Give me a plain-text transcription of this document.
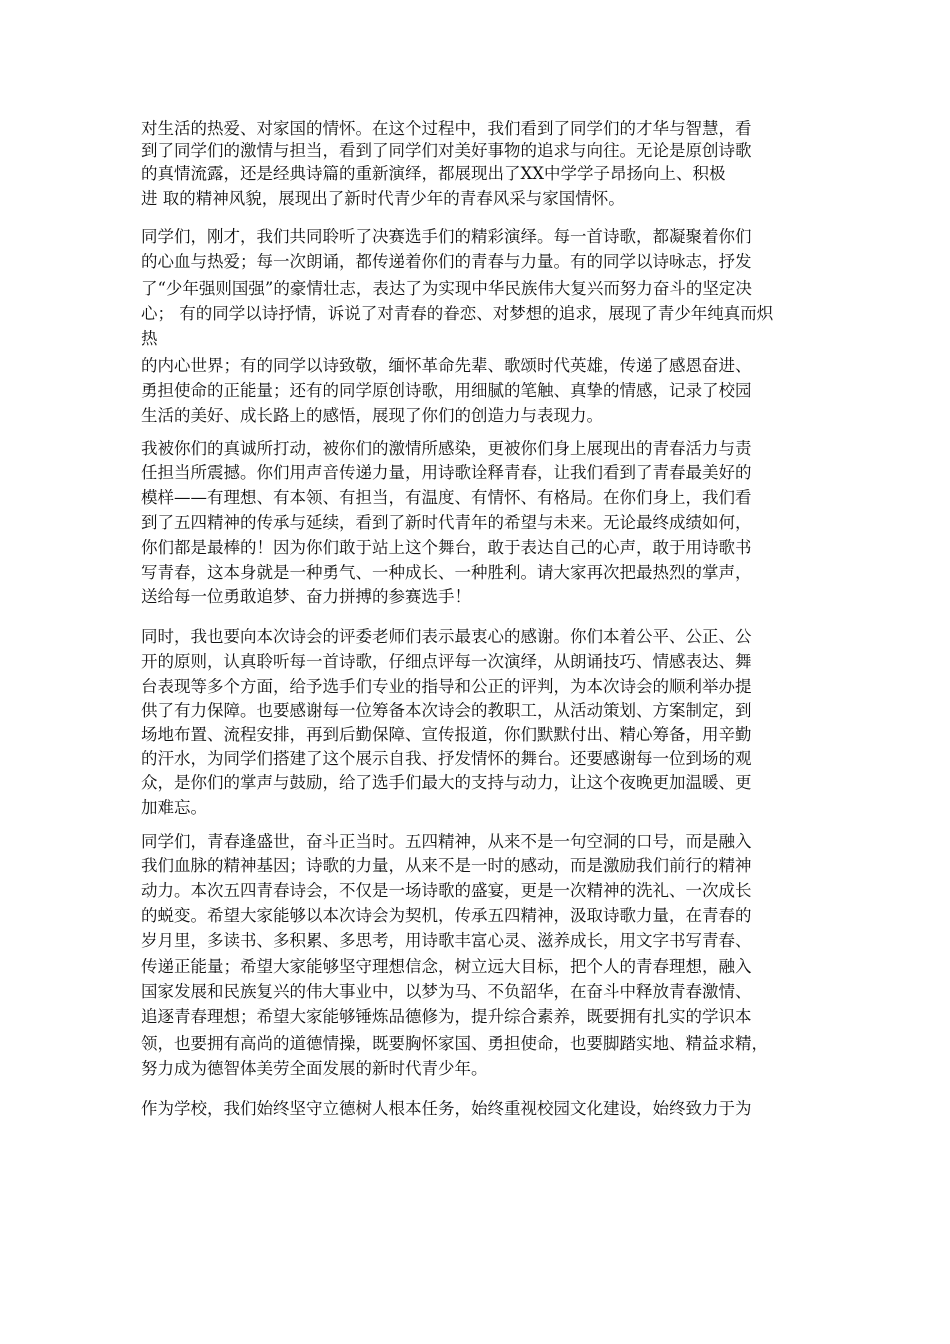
对生活的热爱、对家国的情怀。在这个过程中，我们看到了同学们的才华与智慧，看

到了同学们的激情与担当，看到了同学们对美好事物的追求与向往。无论是原创诗歌

的真情流露，还是经典诗篇的重新演绎，都展现出了XX中学学子昂扬向上、积极

进 取的精神风貌，展现出了新时代青少年的青春风采与家国情怀。

同学们，刚才，我们共同聆听了决赛选手们的精彩演绎。每一首诗歌，都凝聚着你们

的心血与热爱；每一次朗诵，都传递着你们的青春与力量。有的同学以诗咏志，抒发

了“少年强则国强”的豪情壮志，表达了为实现中华民族伟大复兴而努力奋斗的坚定决

心； 有的同学以诗抒情，诉说了对青春的眷恋、对梦想的追求，展现了青少年纯真而炽

热

的内心世界；有的同学以诗致敬，缅怀革命先辈、歌颂时代英雄，传递了感恩奋进、

勇担使命的正能量；还有的同学原创诗歌，用细腻的笔触、真挚的情感，记录了校园

生活的美好、成长路上的感悟，展现了你们的创造力与表现力。

我被你们的真诚所打动，被你们的激情所感染，更被你们身上展现出的青春活力与责

任担当所震撼。你们用声音传递力量，用诗歌诠释青春，让我们看到了青春最美好的

模样——有理想、有本领、有担当，有温度、有情怀、有格局。在你们身上，我们看

到了五四精神的传承与延续，看到了新时代青年的希望与未来。无论最终成绩如何，

你们都是最棒的！因为你们敢于站上这个舞台，敢于表达自己的心声，敢于用诗歌书

写青春，这本身就是一种勇气、一种成长、一种胜利。请大家再次把最热烈的掌声，

送给每一位勇敢追梦、奋力拼搏的参赛选手！

同时，我也要向本次诗会的评委老师们表示最衷心的感谢。你们本着公平、公正、公

开的原则，认真聆听每一首诗歌，仔细点评每一次演绎，从朗诵技巧、情感表达、舞

台表现等多个方面，给予选手们专业的指导和公正的评判，为本次诗会的顺利举办提

供了有力保障。也要感谢每一位筹备本次诗会的教职工，从活动策划、方案制定，到

场地布置、流程安排，再到后勤保障、宣传报道，你们默默付出、精心筹备，用辛勤

的汗水，为同学们搭建了这个展示自我、抒发情怀的舞台。还要感谢每一位到场的观

众，是你们的掌声与鼓励，给了选手们最大的支持与动力，让这个夜晚更加温暖、更

加难忘。

同学们，青春逢盛世，奋斗正当时。五四精神，从来不是一句空洞的口号，而是融入

我们血脉的精神基因；诗歌的力量，从来不是一时的感动，而是激励我们前行的精神

动力。本次五四青春诗会，不仅是一场诗歌的盛宴，更是一次精神的洗礼、一次成长

的蜕变。希望大家能够以本次诗会为契机，传承五四精神，汲取诗歌力量，在青春的

岁月里，多读书、多积累、多思考，用诗歌丰富心灵、滋养成长，用文字书写青春、

传递正能量；希望大家能够坚守理想信念，树立远大目标，把个人的青春理想，融入

国家发展和民族复兴的伟大事业中，以梦为马、不负韶华，在奋斗中释放青春激情、

追逐青春理想；希望大家能够锤炼品德修为，提升综合素养，既要拥有扎实的学识本

领，也要拥有高尚的道德情操，既要胸怀家国、勇担使命，也要脚踏实地、精益求精，

努力成为德智体美劳全面发展的新时代青少年。

作为学校，我们始终坚守立德树人根本任务，始终重视校园文化建设，始终致力于为
